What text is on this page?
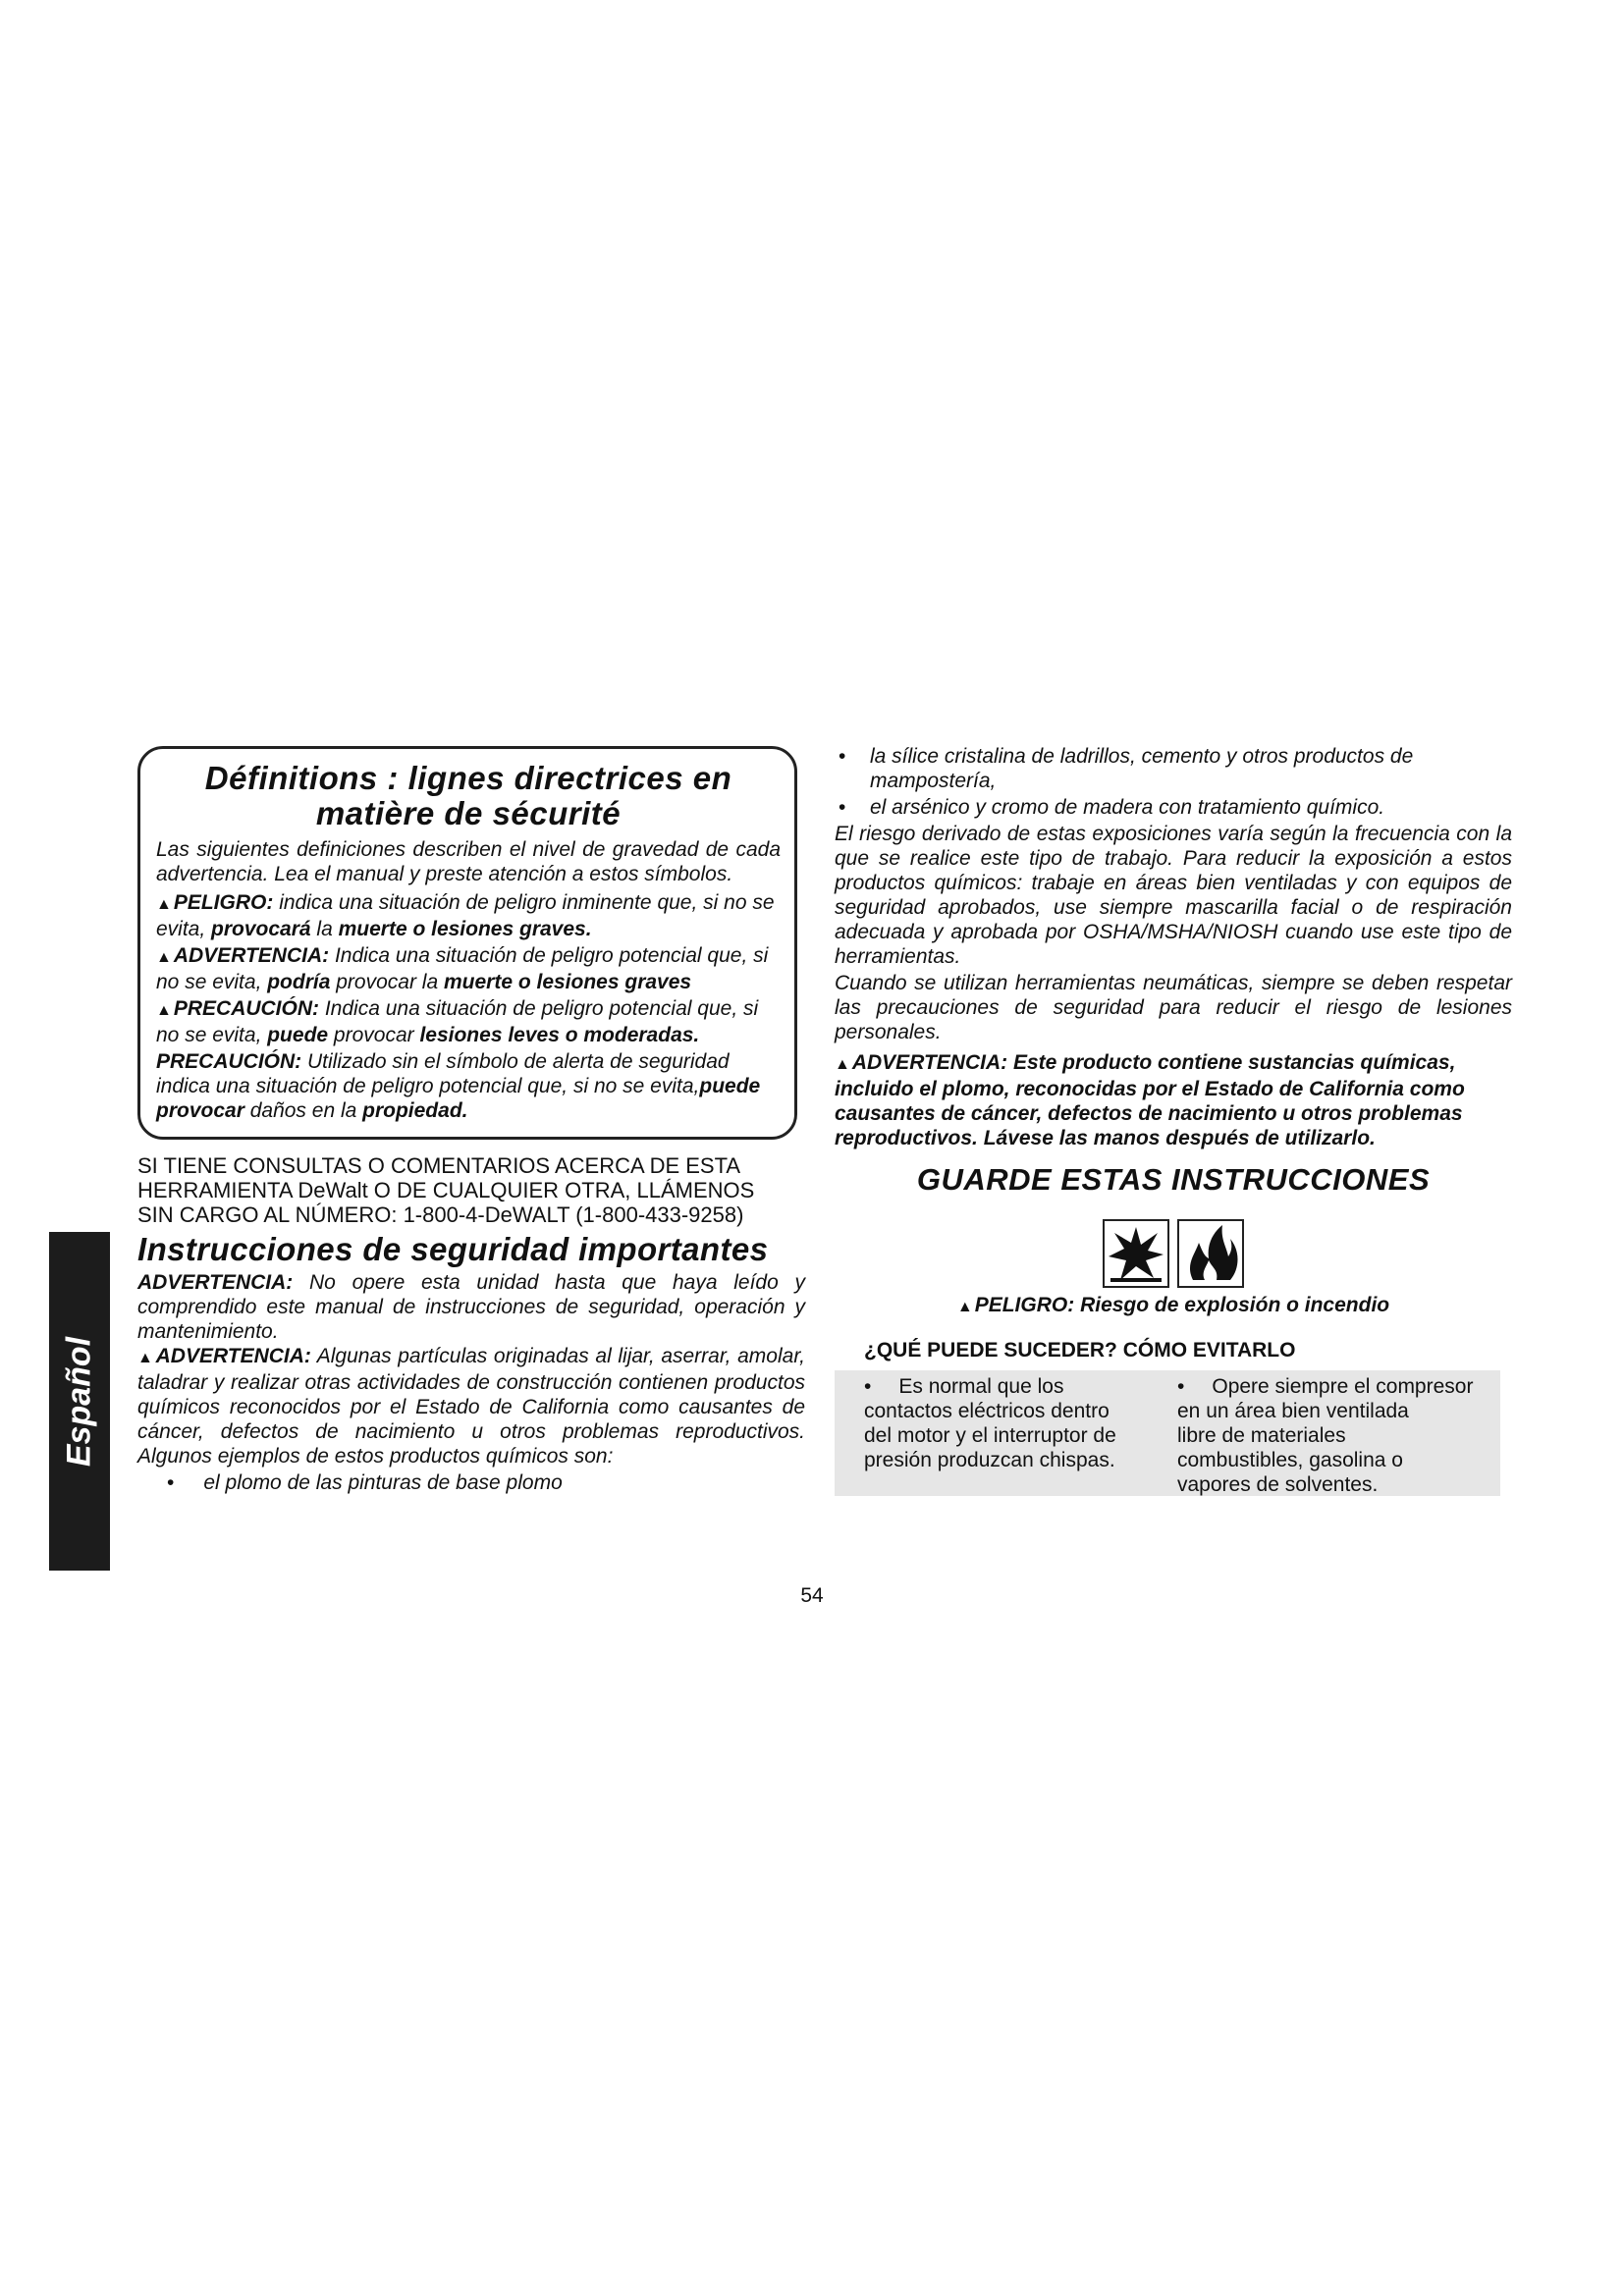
Español
Définitions : lignes directrices en
matière de sécurité

Las siguientes definiciones describen el nivel de gravedad de cada advertencia. Lea el manual y preste atención a estos símbolos.

▲PELIGRO: indica una situación de peligro inminente que, si no se evita, provocará la muerte o lesiones graves.

▲ADVERTENCIA: Indica una situación de peligro potencial que, si no se evita, podría provocar la muerte o lesiones graves

▲PRECAUCIÓN: Indica una situación de peligro potencial que, si no se evita, puede provocar lesiones leves o moderadas.

PRECAUCIÓN: Utilizado sin el símbolo de alerta de seguridad indica una situación de peligro potencial que, si no se evita,puede provocar daños en la propiedad.

SI TIENE CONSULTAS O COMENTARIOS ACERCA DE ESTA
HERRAMIENTA DeWalt O DE CUALQUIER OTRA, LLÁMENOS
SIN CARGO AL NÚMERO: 1-800-4-DeWALT (1-800-433-9258)
Instrucciones de seguridad importantes

ADVERTENCIA: No opere esta unidad hasta que haya leído y comprendido este manual de instrucciones de seguridad, operación y mantenimiento.

▲ADVERTENCIA: Algunas partículas originadas al lijar, aserrar, amolar, taladrar y realizar otras actividades de construcción contienen productos químicos reconocidos por el Estado de California como causantes de cáncer, defectos de nacimiento u otros problemas reproductivos. Algunos ejemplos de estos productos químicos son:

• el plomo de las pinturas de base plomo

• la sílice cristalina de ladrillos, cemento y otros productos de mampostería,

• el arsénico y cromo de madera con tratamiento químico.

El riesgo derivado de estas exposiciones varía según la frecuencia con la que se realice este tipo de trabajo. Para reducir la exposición a estos productos químicos: trabaje en áreas bien ventiladas y con equipos de seguridad aprobados, use siempre mascarilla facial o de respiración adecuada y aprobada por OSHA/MSHA/NIOSH cuando use este tipo de herramientas.

Cuando se utilizan herramientas neumáticas, siempre se deben respetar las precauciones de seguridad para reducir el riesgo de lesiones personales.

▲ADVERTENCIA: Este producto contiene sustancias químicas, incluido el plomo, reconocidas por el Estado de California como causantes de cáncer, defectos de nacimiento u otros problemas reproductivos. Lávese las manos después de utilizarlo.

GUARDE ESTAS INSTRUCCIONES
▲PELIGRO: Riesgo de explosión o incendio
¿QUÉ PUEDE SUCEDER? CÓMO EVITARLO
• Es normal que los
contactos eléctricos dentro
del motor y el interruptor de
presión produzcan chispas.
• Opere siempre el compresor
en un área bien ventilada
libre de materiales
combustibles, gasolina o
vapores de solventes.
54
